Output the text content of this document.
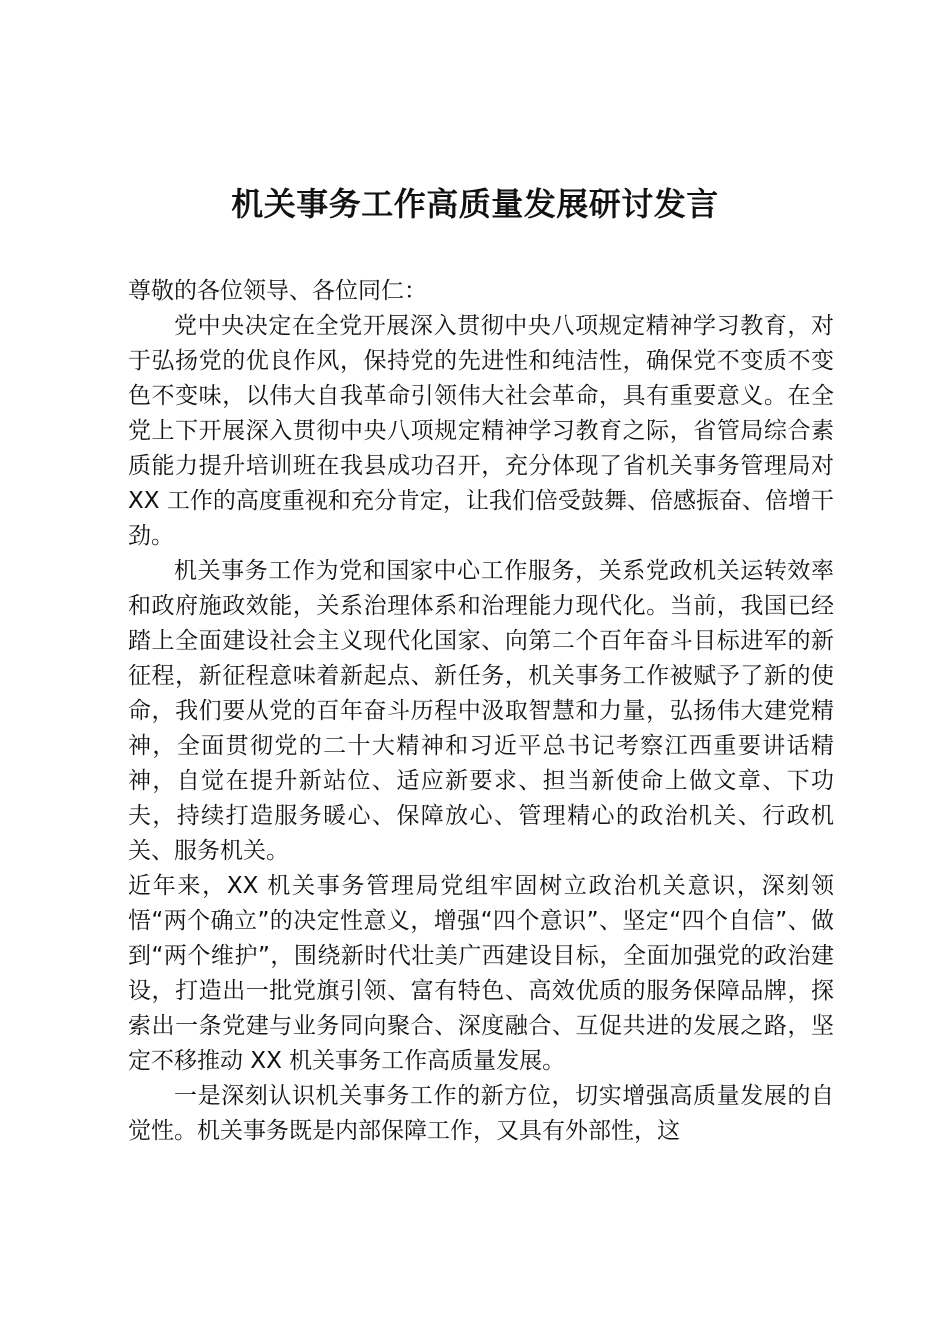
机关事务工作高质量发展研讨发言

尊敬的各位领导、各位同仁：

党中央决定在全党开展深入贯彻中央八项规定精神学习教育，对于弘扬党的优良作风，保持党的先进性和纯洁性，确保党不变质不变色不变味，以伟大自我革命引领伟大社会革命，具有重要意义。在全党上下开展深入贯彻中央八项规定精神学习教育之际，省管局综合素质能力提升培训班在我县成功召开，充分体现了省机关事务管理局对 XX 工作的高度重视和充分肯定，让我们倍受鼓舞、倍感振奋、倍增干劲。

机关事务工作为党和国家中心工作服务，关系党政机关运转效率和政府施政效能，关系治理体系和治理能力现代化。当前，我国已经踏上全面建设社会主义现代化国家、向第二个百年奋斗目标进军的新征程，新征程意味着新起点、新任务，机关事务工作被赋予了新的使命，我们要从党的百年奋斗历程中汲取智慧和力量，弘扬伟大建党精神，全面贯彻党的二十大精神和习近平总书记考察江西重要讲话精神，自觉在提升新站位、适应新要求、担当新使命上做文章、下功夫，持续打造服务暖心、保障放心、管理精心的政治机关、行政机关、服务机关。

近年来，XX 机关事务管理局党组牢固树立政治机关意识，深刻领悟“两个确立”的决定性意义，增强“四个意识”、坚定“四个自信”、做到“两个维护”，围绕新时代壮美广西建设目标，全面加强党的政治建设，打造出一批党旗引领、富有特色、高效优质的服务保障品牌，探索出一条党建与业务同向聚合、深度融合、互促共进的发展之路，坚定不移推动 XX 机关事务工作高质量发展。

一是深刻认识机关事务工作的新方位，切实增强高质量发展的自觉性。机关事务既是内部保障工作，又具有外部性，这
